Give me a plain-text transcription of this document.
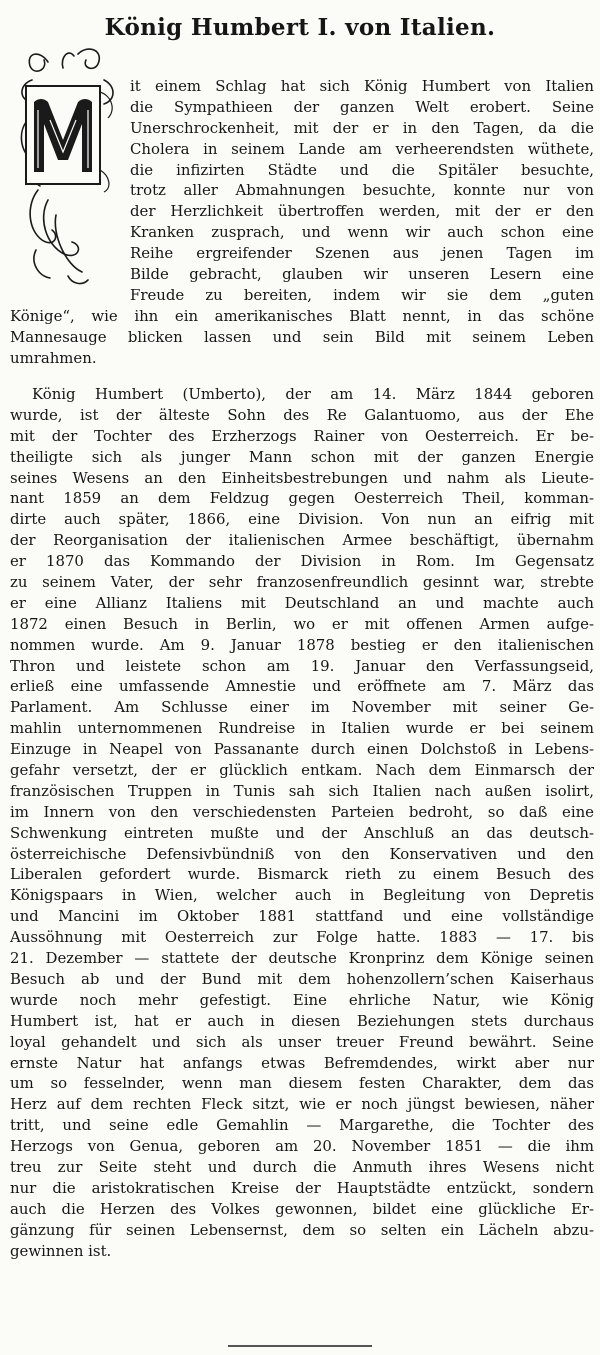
König Humbert I. von Italien.
it einem Schlag hat sich König Humbert von Italien
die Sympathieen der ganzen Welt erobert. Seine
Unerschrockenheit, mit der er in den Tagen, da die
Cholera in seinem Lande am verheerendsten wüthete,
die infizirten Städte und die Spitäler besuchte,
trotz aller Abmahnungen besuchte, konnte nur von
der Herzlichkeit übertroffen werden, mit der er den
Kranken zusprach, und wenn wir auch schon eine
Reihe ergreifender Szenen aus jenen Tagen im
Bilde gebracht, glauben wir unseren Lesern eine
Freude zu bereiten, indem wir sie dem „guten
Könige“, wie ihn ein amerikanisches Blatt nennt, in das schöne
Mannesauge blicken lassen und sein Bild mit seinem Leben
umrahmen.
König Humbert (Umberto), der am 14. März 1844 geboren
wurde, ist der älteste Sohn des Re Galantuomo, aus der Ehe
mit der Tochter des Erzherzogs Rainer von Oesterreich. Er be-
theiligte sich als junger Mann schon mit der ganzen Energie
seines Wesens an den Einheitsbestrebungen und nahm als Lieute-
nant 1859 an dem Feldzug gegen Oesterreich Theil, komman-
dirte auch später, 1866, eine Division. Von nun an eifrig mit
der Reorganisation der italienischen Armee beschäftigt, übernahm
er 1870 das Kommando der Division in Rom. Im Gegensatz
zu seinem Vater, der sehr franzosenfreundlich gesinnt war, strebte
er eine Allianz Italiens mit Deutschland an und machte auch
1872 einen Besuch in Berlin, wo er mit offenen Armen aufge-
nommen wurde. Am 9. Januar 1878 bestieg er den italienischen
Thron und leistete schon am 19. Januar den Verfassungseid,
erließ eine umfassende Amnestie und eröffnete am 7. März das
Parlament. Am Schlusse einer im November mit seiner Ge-
mahlin unternommenen Rundreise in Italien wurde er bei seinem
Einzuge in Neapel von Passanante durch einen Dolchstoß in Lebens-
gefahr versetzt, der er glücklich entkam. Nach dem Einmarsch der
französischen Truppen in Tunis sah sich Italien nach außen isolirt,
im Innern von den verschiedensten Parteien bedroht, so daß eine
Schwenkung eintreten mußte und der Anschluß an das deutsch-
österreichische Defensivbündniß von den Konservativen und den
Liberalen gefordert wurde. Bismarck rieth zu einem Besuch des
Königspaars in Wien, welcher auch in Begleitung von Depretis
und Mancini im Oktober 1881 stattfand und eine vollständige
Aussöhnung mit Oesterreich zur Folge hatte. 1883 — 17. bis
21. Dezember — stattete der deutsche Kronprinz dem Könige seinen
Besuch ab und der Bund mit dem hohenzollern’schen Kaiserhaus
wurde noch mehr gefestigt. Eine ehrliche Natur, wie König
Humbert ist, hat er auch in diesen Beziehungen stets durchaus
loyal gehandelt und sich als unser treuer Freund bewährt. Seine
ernste Natur hat anfangs etwas Befremdendes, wirkt aber nur
um so fesselnder, wenn man diesem festen Charakter, dem das
Herz auf dem rechten Fleck sitzt, wie er noch jüngst bewiesen, näher
tritt, und seine edle Gemahlin — Margarethe, die Tochter des
Herzogs von Genua, geboren am 20. November 1851 — die ihm
treu zur Seite steht und durch die Anmuth ihres Wesens nicht
nur die aristokratischen Kreise der Hauptstädte entzückt, sondern
auch die Herzen des Volkes gewonnen, bildet eine glückliche Er-
gänzung für seinen Lebensernst, dem so selten ein Lächeln abzu-
gewinnen ist.
